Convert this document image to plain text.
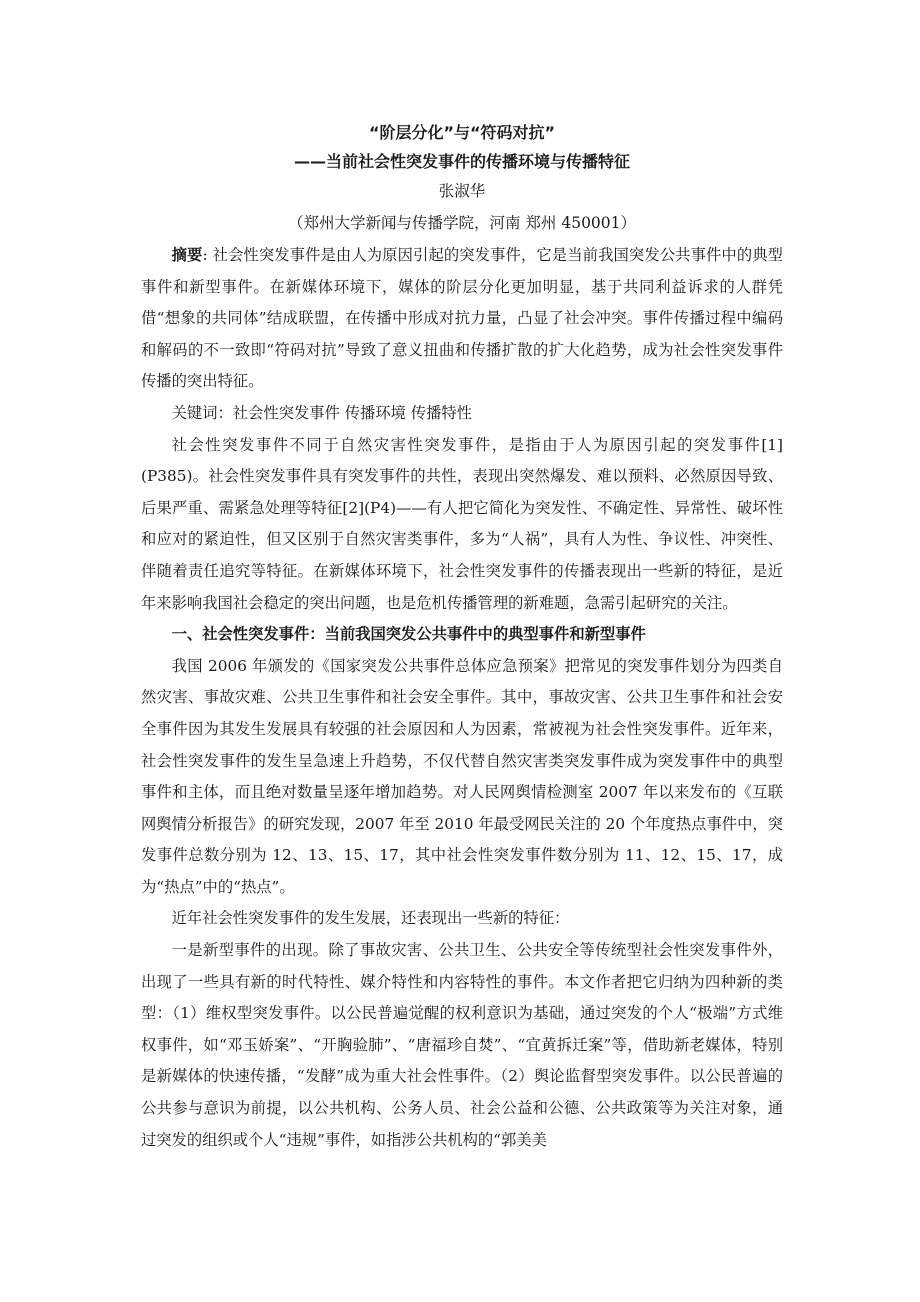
“阶层分化”与“符码对抗”
——当前社会性突发事件的传播环境与传播特征
张淑华
（郑州大学新闻与传播学院，河南 郑州 450001）

摘要: 社会性突发事件是由人为原因引起的突发事件，它是当前我国突发公共事件中的典型事件和新型事件。在新媒体环境下，媒体的阶层分化更加明显，基于共同利益诉求的人群凭借“想象的共同体”结成联盟，在传播中形成对抗力量，凸显了社会冲突。事件传播过程中编码和解码的不一致即“符码对抗”导致了意义扭曲和传播扩散的扩大化趋势，成为社会性突发事件传播的突出特征。

关键词：社会性突发事件 传播环境 传播特性

社会性突发事件不同于自然灾害性突发事件，是指由于人为原因引起的突发事件[1](P385)。社会性突发事件具有突发事件的共性，表现出突然爆发、难以预料、必然原因导致、后果严重、需紧急处理等特征[2](P4)——有人把它简化为突发性、不确定性、异常性、破坏性和应对的紧迫性，但又区别于自然灾害类事件，多为“人祸”，具有人为性、争议性、冲突性、伴随着责任追究等特征。在新媒体环境下，社会性突发事件的传播表现出一些新的特征，是近年来影响我国社会稳定的突出问题，也是危机传播管理的新难题，急需引起研究的关注。

一、社会性突发事件：当前我国突发公共事件中的典型事件和新型事件

我国 2006 年颁发的《国家突发公共事件总体应急预案》把常见的突发事件划分为四类自然灾害、事故灾难、公共卫生事件和社会安全事件。其中，事故灾害、公共卫生事件和社会安全事件因为其发生发展具有较强的社会原因和人为因素，常被视为社会性突发事件。近年来，社会性突发事件的发生呈急速上升趋势，不仅代替自然灾害类突发事件成为突发事件中的典型事件和主体，而且绝对数量呈逐年增加趋势。对人民网舆情检测室 2007 年以来发布的《互联网舆情分析报告》的研究发现，2007 年至 2010 年最受网民关注的 20 个年度热点事件中，突发事件总数分别为 12、13、15、17，其中社会性突发事件数分别为 11、12、15、17，成为“热点”中的“热点”。

近年社会性突发事件的发生发展，还表现出一些新的特征：

一是新型事件的出现。除了事故灾害、公共卫生、公共安全等传统型社会性突发事件外，出现了一些具有新的时代特性、媒介特性和内容特性的事件。本文作者把它归纳为四种新的类型：（1）维权型突发事件。以公民普遍觉醒的权利意识为基础，通过突发的个人“极端”方式维权事件，如“邓玉娇案”、“开胸验肺”、“唐福珍自焚”、“宜黄拆迁案”等，借助新老媒体，特别是新媒体的快速传播，“发酵”成为重大社会性事件。（2）舆论监督型突发事件。以公民普遍的公共参与意识为前提，以公共机构、公务人员、社会公益和公德、公共政策等为关注对象，通过突发的组织或个人“违规”事件，如指涉公共机构的“郭美美
